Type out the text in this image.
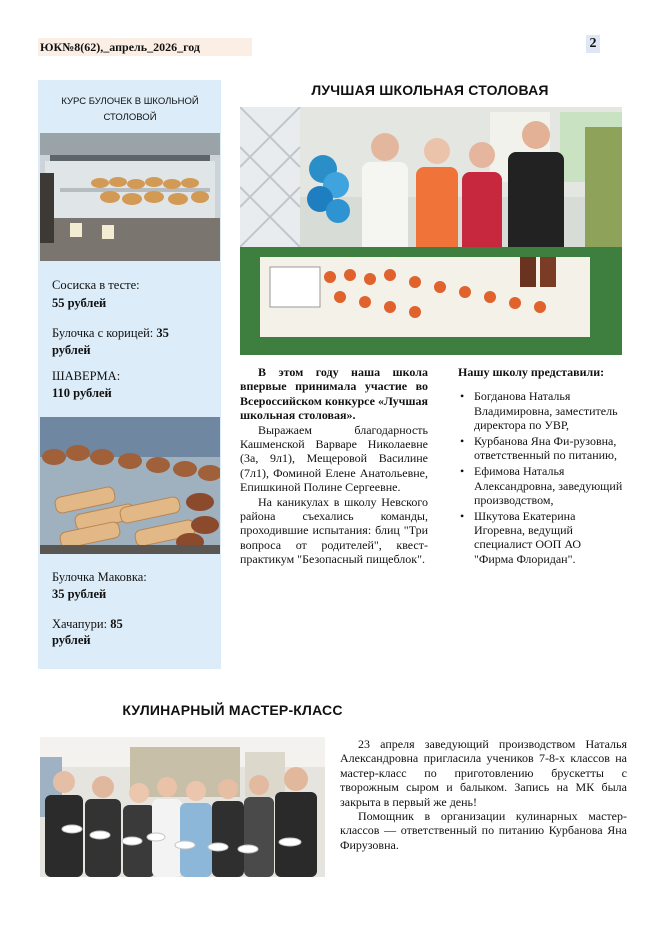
ЮК№8(62),_апрель_2026_год	2
КУРС БУЛОЧЕК В ШКОЛЬНОЙ
СТОЛОВОЙ
Сосиска в тесте:
55 рублей
Булочка с корицей: 35
рублей
ШАВЕРМА:
110 рублей
Булочка Маковка:
35 рублей
Хачапури: 85
рублей
ЛУЧШАЯ ШКОЛЬНАЯ СТОЛОВАЯ

В этом году наша школа впервые принимала участие во Всероссийском конкурсе «Лучшая школьная столовая».

Выражаем благодарность Кашменской Варваре Николаевне (3а, 9л1), Мещеровой Василине (7л1), Фоминой Елене Анатольевне, Епишкиной Полине Сергеевне.

На каникулах в школу Невского района съехались команды, проходившие испытания: блиц "Три вопроса от родителей", квест-практикум "Безопасный пищеблок".

Нашу школу представили:
• Богданова Наталья Владимировна, заместитель директора по УВР,
• Курбанова Яна Фи-рузовна, ответственный по питанию,
• Ефимова Наталья Александровна, заведующий производством,
• Шкутова Екатерина Игоревна, ведущий специалист ООП АО "Фирма Флоридан".
КУЛИНАРНЫЙ МАСТЕР-КЛАСС

23 апреля заведующий производством Наталья Александровна пригласила учеников 7-8-х классов на мастер-класс по приготовлению брускетты с творожным сыром и балыком. Запись на МК была закрыта в первый же день!

Помощник в организации кулинарных мастер-классов — ответственный по питанию Курбанова Яна Фирузовна.
